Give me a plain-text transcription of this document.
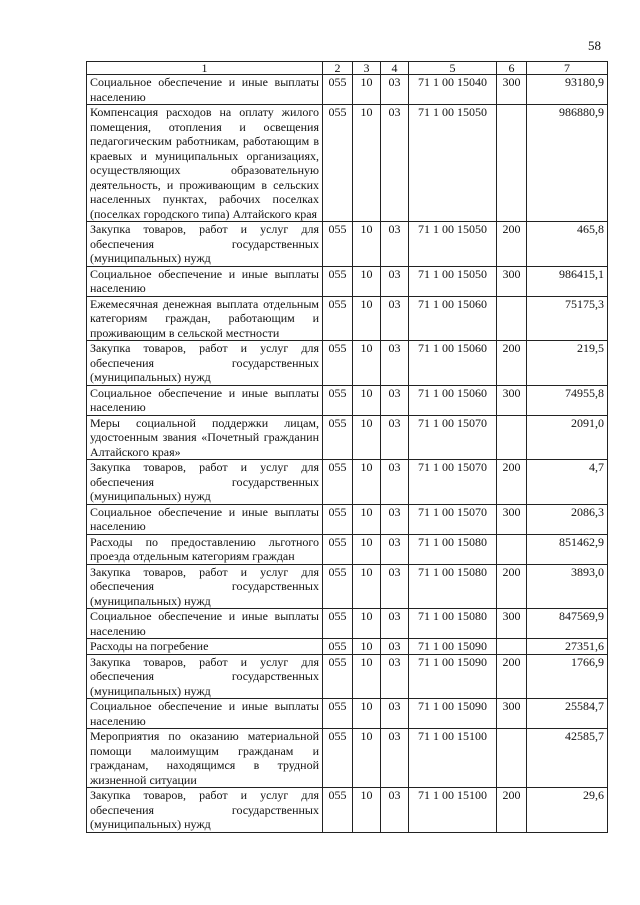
58
1	2	3	4	5	6	7
Социальное обеспечение и иные выплаты населению	055	10	03	71 1 00 15040	300	93180,9
Компенсация расходов на оплату жилого помещения, отопления и освещения педагогическим работникам, работающим в краевых и муниципальных организациях, осуществляющих образовательную деятельность, и проживающим в сельских населенных пунктах, рабочих поселках (поселках городского типа) Алтайского края	055	10	03	71 1 00 15050		986880,9
Закупка товаров, работ и услуг для обеспечения государственных (муниципальных) нужд	055	10	03	71 1 00 15050	200	465,8
Социальное обеспечение и иные выплаты населению	055	10	03	71 1 00 15050	300	986415,1
Ежемесячная денежная выплата отдельным категориям граждан, работающим и проживающим в сельской местности	055	10	03	71 1 00 15060		75175,3
Закупка товаров, работ и услуг для обеспечения государственных (муниципальных) нужд	055	10	03	71 1 00 15060	200	219,5
Социальное обеспечение и иные выплаты населению	055	10	03	71 1 00 15060	300	74955,8
Меры социальной поддержки лицам, удостоенным звания «Почетный гражданин Алтайского края»	055	10	03	71 1 00 15070		2091,0
Закупка товаров, работ и услуг для обеспечения государственных (муниципальных) нужд	055	10	03	71 1 00 15070	200	4,7
Социальное обеспечение и иные выплаты населению	055	10	03	71 1 00 15070	300	2086,3
Расходы по предоставлению льготного проезда отдельным категориям граждан	055	10	03	71 1 00 15080		851462,9
Закупка товаров, работ и услуг для обеспечения государственных (муниципальных) нужд	055	10	03	71 1 00 15080	200	3893,0
Социальное обеспечение и иные выплаты населению	055	10	03	71 1 00 15080	300	847569,9
Расходы на погребение	055	10	03	71 1 00 15090		27351,6
Закупка товаров, работ и услуг для обеспечения государственных (муниципальных) нужд	055	10	03	71 1 00 15090	200	1766,9
Социальное обеспечение и иные выплаты населению	055	10	03	71 1 00 15090	300	25584,7
Мероприятия по оказанию материальной помощи малоимущим гражданам и гражданам, находящимся в трудной жизненной ситуации	055	10	03	71 1 00 15100		42585,7
Закупка товаров, работ и услуг для обеспечения государственных (муниципальных) нужд	055	10	03	71 1 00 15100	200	29,6
